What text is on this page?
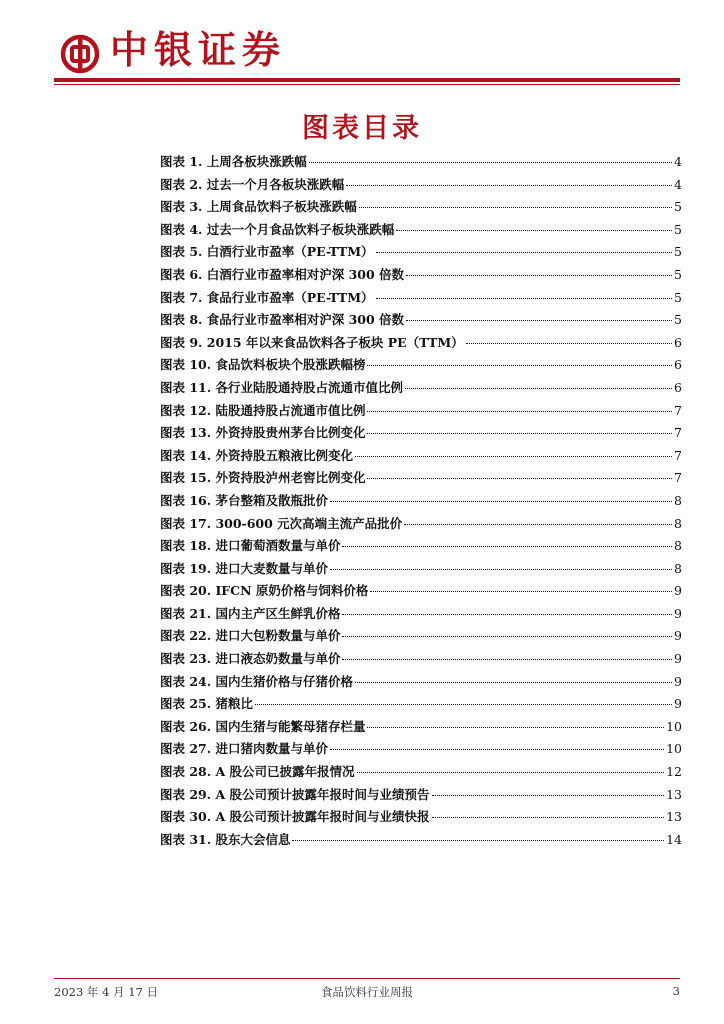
中银证券
图表目录
图表 1. 上周各板块涨跌幅	4
图表 2. 过去一个月各板块涨跌幅	4
图表 3. 上周食品饮料子板块涨跌幅	5
图表 4. 过去一个月食品饮料子板块涨跌幅	5
图表 5. 白酒行业市盈率（PE-TTM）	5
图表 6. 白酒行业市盈率相对沪深 300 倍数	5
图表 7. 食品行业市盈率（PE-TTM）	5
图表 8. 食品行业市盈率相对沪深 300 倍数	5
图表 9. 2015 年以来食品饮料各子板块 PE（TTM）	6
图表 10. 食品饮料板块个股涨跌幅榜	6
图表 11. 各行业陆股通持股占流通市值比例	6
图表 12. 陆股通持股占流通市值比例	7
图表 13. 外资持股贵州茅台比例变化	7
图表 14. 外资持股五粮液比例变化	7
图表 15. 外资持股泸州老窖比例变化	7
图表 16. 茅台整箱及散瓶批价	8
图表 17. 300-600 元次高端主流产品批价	8
图表 18. 进口葡萄酒数量与单价	8
图表 19. 进口大麦数量与单价	8
图表 20. IFCN 原奶价格与饲料价格	9
图表 21. 国内主产区生鲜乳价格	9
图表 22. 进口大包粉数量与单价	9
图表 23. 进口液态奶数量与单价	9
图表 24. 国内生猪价格与仔猪价格	9
图表 25. 猪粮比	9
图表 26. 国内生猪与能繁母猪存栏量	10
图表 27. 进口猪肉数量与单价	10
图表 28. A 股公司已披露年报情况	12
图表 29. A 股公司预计披露年报时间与业绩预告	13
图表 30. A 股公司预计披露年报时间与业绩快报	13
图表 31. 股东大会信息	14
2023 年 4 月 17 日	食品饮料行业周报	3
